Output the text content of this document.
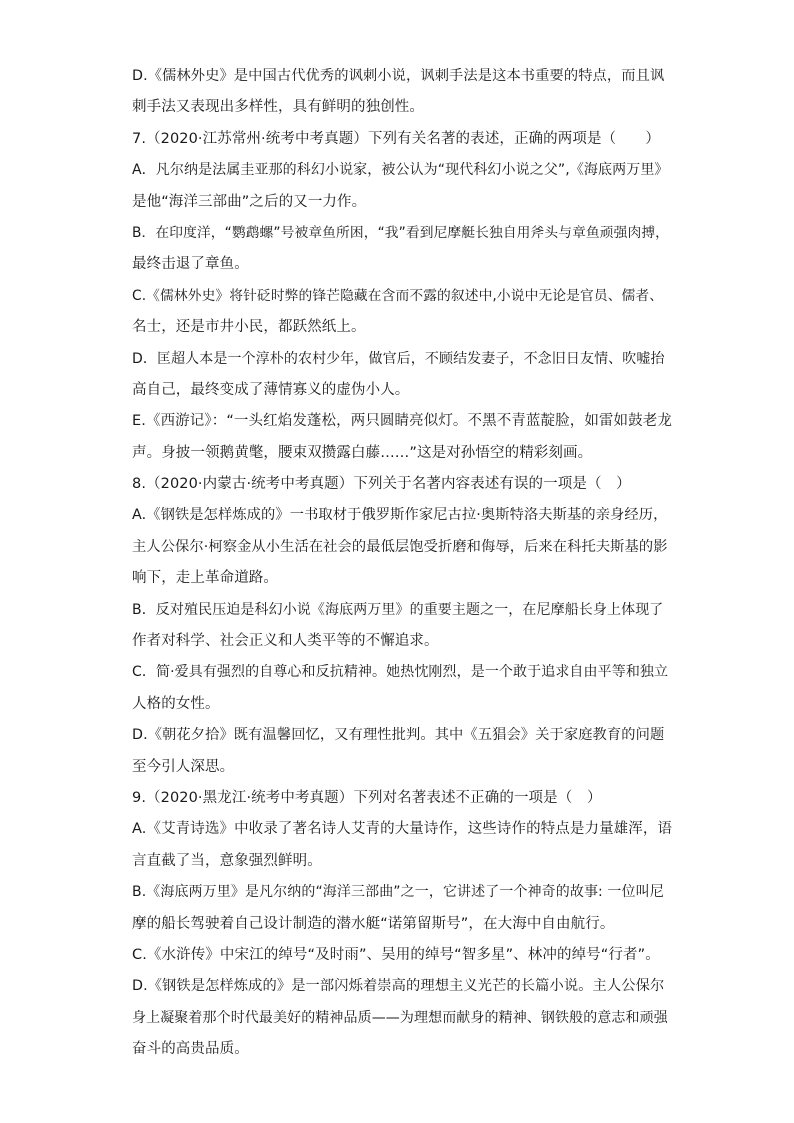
D.《儒林外史》是中国古代优秀的讽刺小说，讽刺手法是这本书重要的特点，而且讽
刺手法又表现出多样性，具有鲜明的独创性。
7.（2020·江苏常州·统考中考真题）下列有关名著的表述，正确的两项是（　　）
A．凡尔纳是法属圭亚那的科幻小说家，被公认为“现代科幻小说之父”,《海底两万里》
是他“海洋三部曲”之后的又一力作。
B．在印度洋，“鹦鹉螺”号被章鱼所困，“我”看到尼摩艇长独自用斧头与章鱼顽强肉搏，
最终击退了章鱼。
C.《儒林外史》将针砭时弊的锋芒隐藏在含而不露的叙述中,小说中无论是官员、儒者、
名士，还是市井小民，都跃然纸上。
D．匡超人本是一个淳朴的农村少年，做官后，不顾结发妻子，不念旧日友情、吹嘘抬
高自己，最终变成了薄情寡义的虚伪小人。
E.《西游记》：“一头红焰发蓬松，两只圆睛亮似灯。不黑不青蓝靛脸，如雷如鼓老龙
声。身披一领鹅黄氅，腰束双攒露白藤……”这是对孙悟空的精彩刻画。
8.（2020·内蒙古·统考中考真题）下列关于名著内容表述有误的一项是（　）
A.《钢铁是怎样炼成的》一书取材于俄罗斯作家尼古拉·奥斯特洛夫斯基的亲身经历，
主人公保尔·柯察金从小生活在社会的最低层饱受折磨和侮辱，后来在科托夫斯基的影
响下，走上革命道路。
B．反对殖民压迫是科幻小说《海底两万里》的重要主题之一，在尼摩船长身上体现了
作者对科学、社会正义和人类平等的不懈追求。
C．简·爱具有强烈的自尊心和反抗精神。她热忱刚烈，是一个敢于追求自由平等和独立
人格的女性。
D.《朝花夕拾》既有温馨回忆，又有理性批判。其中《五猖会》关于家庭教育的问题
至今引人深思。
9.（2020·黑龙江·统考中考真题）下列对名著表述不正确的一项是（　）
A.《艾青诗选》中收录了著名诗人艾青的大量诗作，这些诗作的特点是力量雄浑，语
言直截了当，意象强烈鲜明。
B.《海底两万里》是凡尔纳的“海洋三部曲”之一，它讲述了一个神奇的故事: 一位叫尼
摩的船长驾驶着自己设计制造的潜水艇“诺第留斯号”，在大海中自由航行。
C.《水浒传》中宋江的绰号“及时雨”、吴用的绰号“智多星”、林冲的绰号“行者”。
D.《钢铁是怎样炼成的》是一部闪烁着崇高的理想主义光芒的长篇小说。主人公保尔
身上凝聚着那个时代最美好的精神品质——为理想而献身的精神、钢铁般的意志和顽强
奋斗的高贵品质。
